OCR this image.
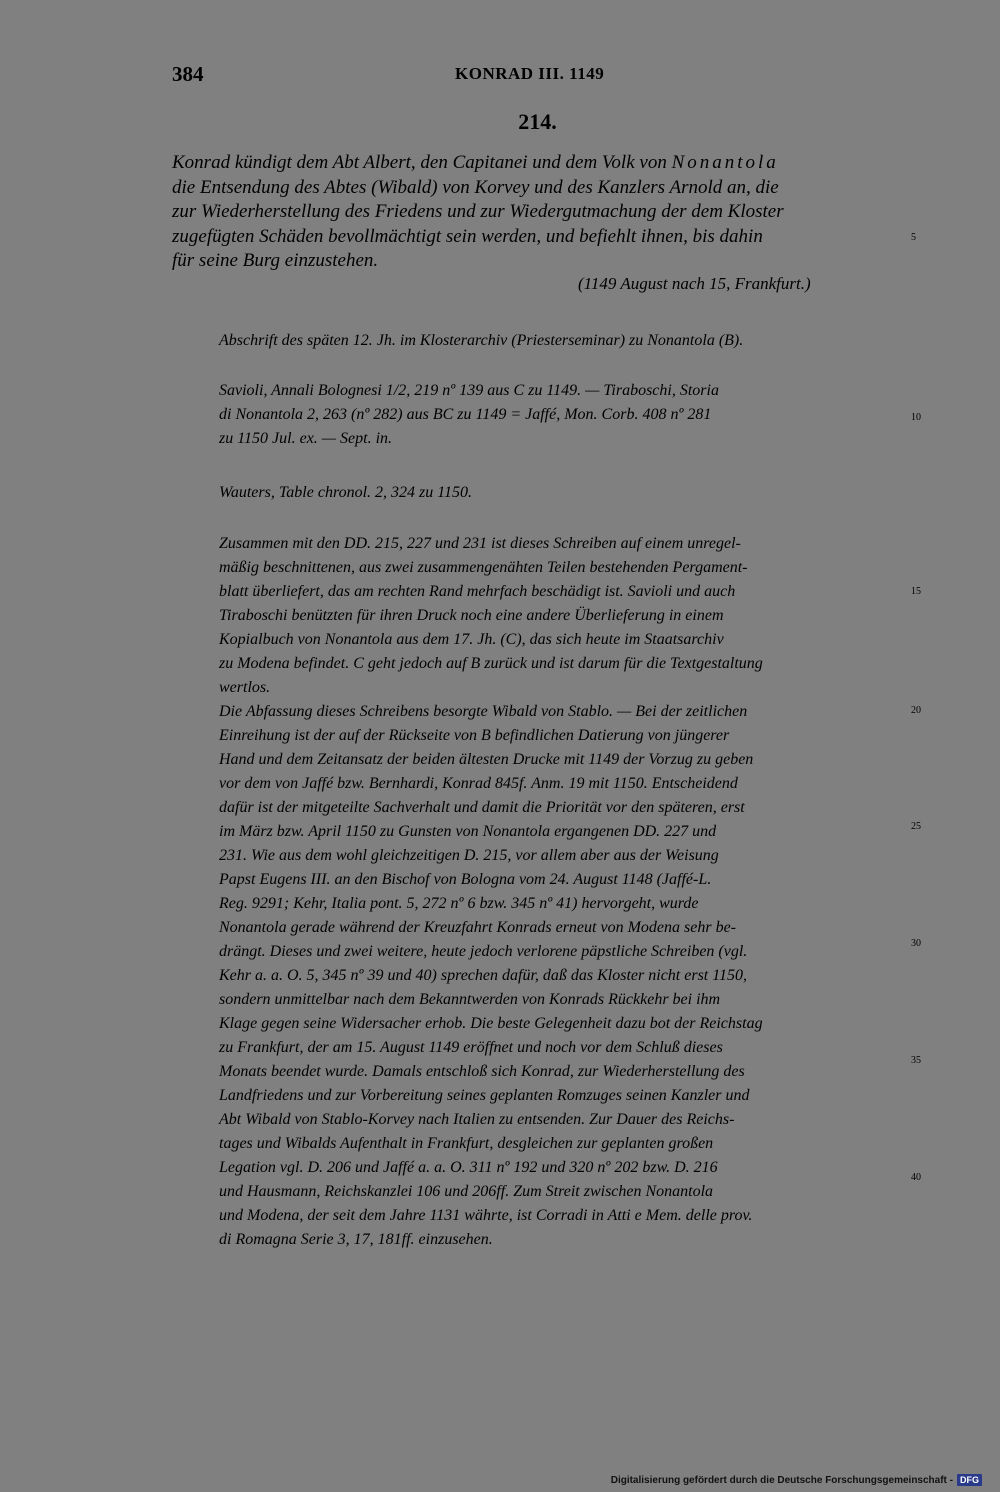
384	KONRAD III. 1149
214.
Konrad kündigt dem Abt Albert, den Capitanei und dem Volk von Nonantola
die Entsendung des Abtes (Wibald) von Korvey und des Kanzlers Arnold an, die
zur Wiederherstellung des Friedens und zur Wiedergutmachung der dem Kloster
zugefügten Schäden bevollmächtigt sein werden, und befiehlt ihnen, bis dahin
für seine Burg einzustehen.
5
(1149 August nach 15, Frankfurt.)
Abschrift des späten 12. Jh. im Klosterarchiv (Priesterseminar) zu Nonantola (B).
Savioli, Annali Bolognesi 1/2, 219 nº 139 aus C zu 1149. — Tiraboschi, Storia
di Nonantola 2, 263 (nº 282) aus BC zu 1149 = Jaffé, Mon. Corb. 408 nº 281
zu 1150 Jul. ex. — Sept. in.
10
Wauters, Table chronol. 2, 324 zu 1150.
Zusammen mit den DD. 215, 227 und 231 ist dieses Schreiben auf einem unregel-
mäßig beschnittenen, aus zwei zusammengenähten Teilen bestehenden Pergament-
blatt überliefert, das am rechten Rand mehrfach beschädigt ist. Savioli und auch
Tiraboschi benützten für ihren Druck noch eine andere Überlieferung in einem
Kopialbuch von Nonantola aus dem 17. Jh. (C), das sich heute im Staatsarchiv
zu Modena befindet. C geht jedoch auf B zurück und ist darum für die Textgestaltung
wertlos.
Die Abfassung dieses Schreibens besorgte Wibald von Stablo. — Bei der zeitlichen
Einreihung ist der auf der Rückseite von B befindlichen Datierung von jüngerer
Hand und dem Zeitansatz der beiden ältesten Drucke mit 1149 der Vorzug zu geben
vor dem von Jaffé bzw. Bernhardi, Konrad 845f. Anm. 19 mit 1150. Entscheidend
dafür ist der mitgeteilte Sachverhalt und damit die Priorität vor den späteren, erst
im März bzw. April 1150 zu Gunsten von Nonantola ergangenen DD. 227 und
231. Wie aus dem wohl gleichzeitigen D. 215, vor allem aber aus der Weisung
Papst Eugens III. an den Bischof von Bologna vom 24. August 1148 (Jaffé-L.
Reg. 9291; Kehr, Italia pont. 5, 272 nº 6 bzw. 345 nº 41) hervorgeht, wurde
Nonantola gerade während der Kreuzfahrt Konrads erneut von Modena sehr be-
drängt. Dieses und zwei weitere, heute jedoch verlorene päpstliche Schreiben (vgl.
Kehr a. a. O. 5, 345 nº 39 und 40) sprechen dafür, daß das Kloster nicht erst 1150,
sondern unmittelbar nach dem Bekanntwerden von Konrads Rückkehr bei ihm
Klage gegen seine Widersacher erhob. Die beste Gelegenheit dazu bot der Reichstag
zu Frankfurt, der am 15. August 1149 eröffnet und noch vor dem Schluß dieses
Monats beendet wurde. Damals entschloß sich Konrad, zur Wiederherstellung des
Landfriedens und zur Vorbereitung seines geplanten Romzuges seinen Kanzler und
Abt Wibald von Stablo-Korvey nach Italien zu entsenden. Zur Dauer des Reichs-
tages und Wibalds Aufenthalt in Frankfurt, desgleichen zur geplanten großen
Legation vgl. D. 206 und Jaffé a. a. O. 311 nº 192 und 320 nº 202 bzw. D. 216
und Hausmann, Reichskanzlei 106 und 206ff. Zum Streit zwischen Nonantola
und Modena, der seit dem Jahre 1131 währte, ist Corradi in Atti e Mem. delle prov.
di Romagna Serie 3, 17, 181ff. einzusehen.
15
20
25
30
35
40
Digitalisierung gefördert durch die Deutsche Forschungsgemeinschaft - DFG
